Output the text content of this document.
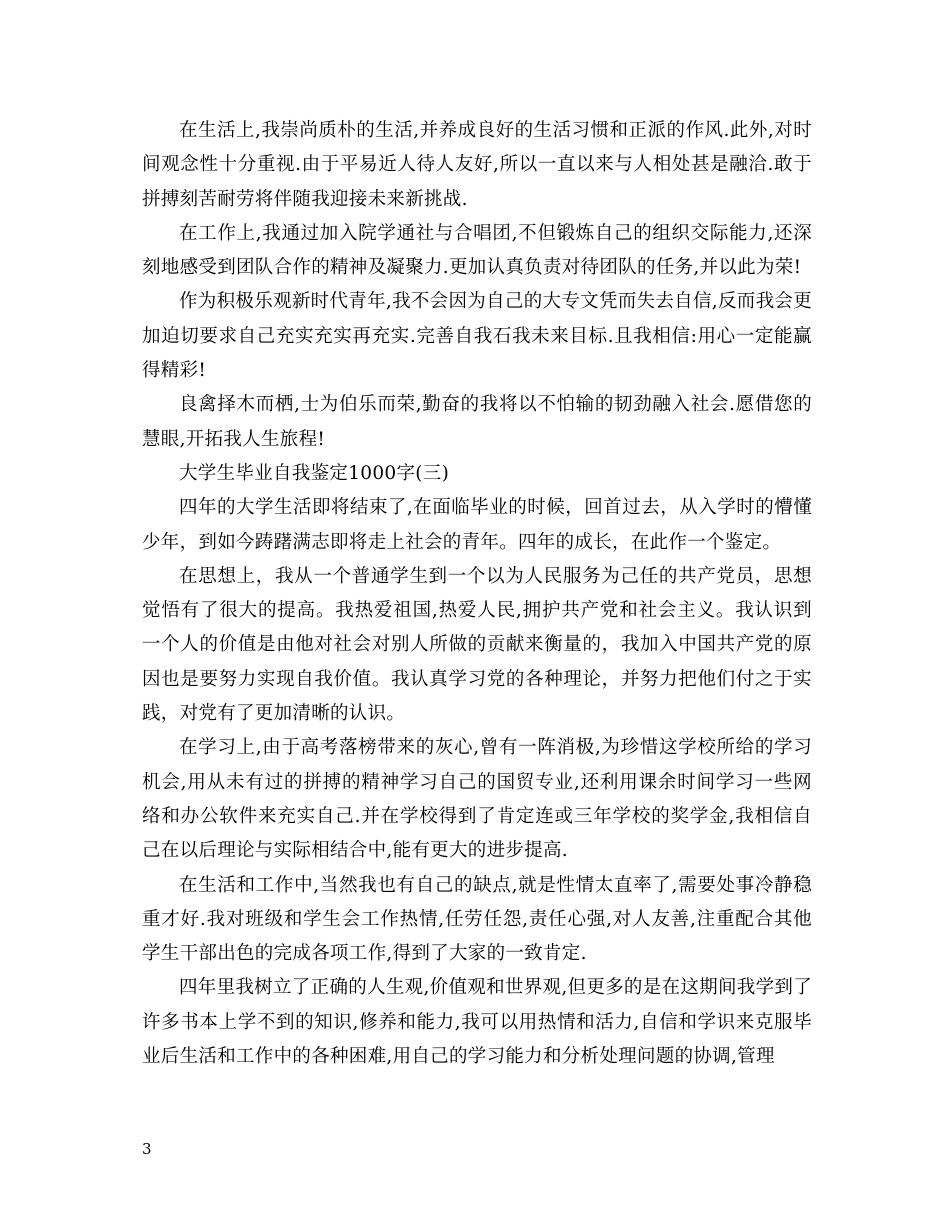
在生活上,我崇尚质朴的生活,并养成良好的生活习惯和正派的作风.此外,对时间观念性十分重视.由于平易近人待人友好,所以一直以来与人相处甚是融洽.敢于拼搏刻苦耐劳将伴随我迎接未来新挑战.

在工作上,我通过加入院学通社与合唱团,不但锻炼自己的组织交际能力,还深刻地感受到团队合作的精神及凝聚力.更加认真负责对待团队的任务,并以此为荣!

作为积极乐观新时代青年,我不会因为自己的大专文凭而失去自信,反而我会更加迫切要求自己充实充实再充实.完善自我石我未来目标.且我相信:用心一定能赢得精彩!

良禽择木而栖,士为伯乐而荣,勤奋的我将以不怕输的韧劲融入社会.愿借您的慧眼,开拓我人生旅程!

大学生毕业自我鉴定1000字(三)

四年的大学生活即将结束了,在面临毕业的时候，回首过去，从入学时的懵懂少年，到如今踌躇满志即将走上社会的青年。四年的成长，在此作一个鉴定。

在思想上，我从一个普通学生到一个以为人民服务为己任的共产党员，思想觉悟有了很大的提高。我热爱祖国,热爱人民,拥护共产党和社会主义。我认识到一个人的价值是由他对社会对别人所做的贡献来衡量的，我加入中国共产党的原因也是要努力实现自我价值。我认真学习党的各种理论，并努力把他们付之于实践，对党有了更加清晰的认识。

在学习上,由于高考落榜带来的灰心,曾有一阵消极,为珍惜这学校所给的学习机会,用从未有过的拼搏的精神学习自己的国贸专业,还利用课余时间学习一些网络和办公软件来充实自己.并在学校得到了肯定连或三年学校的奖学金,我相信自己在以后理论与实际相结合中,能有更大的进步提高.

在生活和工作中,当然我也有自己的缺点,就是性情太直率了,需要处事冷静稳重才好.我对班级和学生会工作热情,任劳任怨,责任心强,对人友善,注重配合其他学生干部出色的完成各项工作,得到了大家的一致肯定.

四年里我树立了正确的人生观,价值观和世界观,但更多的是在这期间我学到了许多书本上学不到的知识,修养和能力,我可以用热情和活力,自信和学识来克服毕业后生活和工作中的各种困难,用自己的学习能力和分析处理问题的协调,管理

3
